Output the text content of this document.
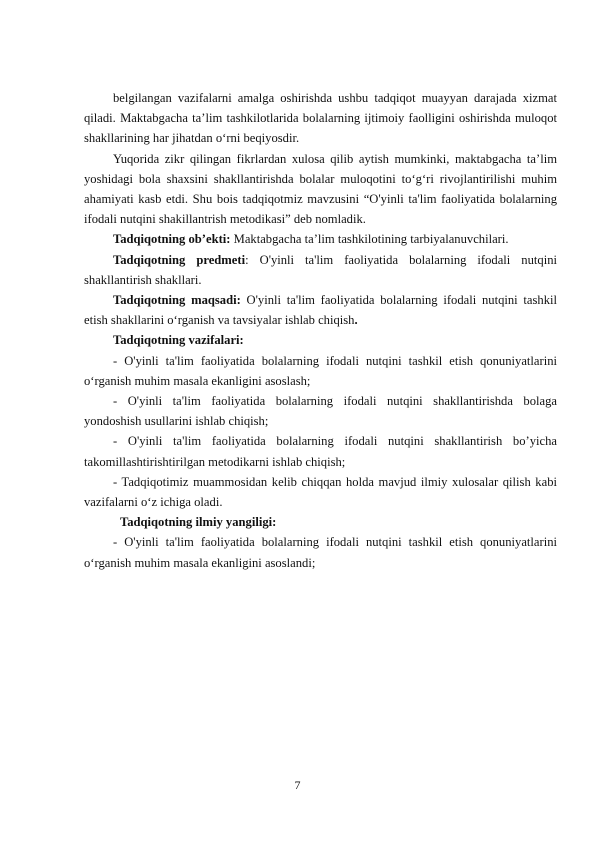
belgilangan vazifalarni amalga oshirishda ushbu tadqiqot muayyan darajada xizmat qiladi. Maktabgacha ta’lim tashkilotlarida bolalarning ijtimoiy faolligini oshirishda muloqot shakllarining har jihatdan o‘rni beqiyosdir.

Yuqorida zikr qilingan fikrlardan xulosa qilib aytish mumkinki, maktabgacha ta’lim yoshidagi bola shaxsini shakllantirishda bolalar muloqotini to‘g‘ri rivojlantirilishi muhim ahamiyati kasb etdi. Shu bois tadqiqotmiz mavzusini “O'yinli ta'lim faoliyatida bolalarning ifodali nutqini shakillantrish metodikasi” deb nomladik.

Tadqiqotning ob’ekti: Maktabgacha ta’lim tashkilotining tarbiyalanuvchilari.

Tadqiqotning predmeti: O'yinli ta'lim faoliyatida bolalarning ifodali nutqini shakllantirish shakllari.

Tadqiqotning maqsadi: O'yinli ta'lim faoliyatida bolalarning ifodali nutqini tashkil etish shakllarini o‘rganish va tavsiyalar ishlab chiqish.

Tadqiqotning vazifalari:

- O'yinli ta'lim faoliyatida bolalarning ifodali nutqini tashkil etish qonuniyatlarini o‘rganish muhim masala ekanligini asoslash;

- O'yinli ta'lim faoliyatida bolalarning ifodali nutqini shakllantirishda bolaga yondoshish usullarini ishlab chiqish;

- O'yinli ta'lim faoliyatida bolalarning ifodali nutqini shakllantirish bo’yicha takomillashtirishtirilgan metodikarni ishlab chiqish;

- Tadqiqotimiz muammosidan kelib chiqqan holda mavjud ilmiy xulosalar qilish kabi vazifalarni o‘z ichiga oladi.

Tadqiqotning ilmiy yangiligi:

- O'yinli ta'lim faoliyatida bolalarning ifodali nutqini tashkil etish qonuniyatlarini o‘rganish muhim masala ekanligini asoslandi;

7
